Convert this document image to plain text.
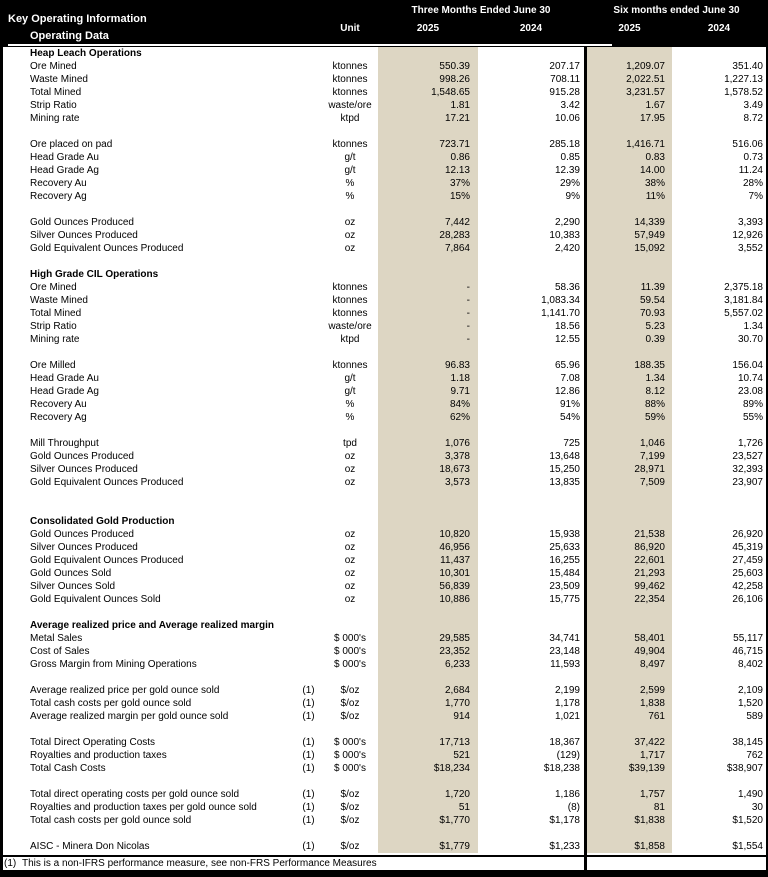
Key Operating Information
Operating Data
Unit
Three Months Ended June 30	Six months ended June 30
2025	2024	2025	2024
Heap Leach Operations
Ore Mined	ktonnes	550.39	207.17	1,209.07	351.40
Waste Mined	ktonnes	998.26	708.11	2,022.51	1,227.13
Total Mined	ktonnes	1,548.65	915.28	3,231.57	1,578.52
Strip Ratio	waste/ore	1.81	3.42	1.67	3.49
Mining rate	ktpd	17.21	10.06	17.95	8.72
Ore placed on pad	ktonnes	723.71	285.18	1,416.71	516.06
Head Grade Au	g/t	0.86	0.85	0.83	0.73
Head Grade Ag	g/t	12.13	12.39	14.00	11.24
Recovery Au	%	37%	29%	38%	28%
Recovery Ag	%	15%	9%	11%	7%
Gold Ounces Produced	oz	7,442	2,290	14,339	3,393
Silver Ounces Produced	oz	28,283	10,383	57,949	12,926
Gold Equivalent Ounces Produced	oz	7,864	2,420	15,092	3,552
High Grade CIL Operations
Ore Mined	ktonnes	-	58.36	11.39	2,375.18
Waste Mined	ktonnes	-	1,083.34	59.54	3,181.84
Total Mined	ktonnes	-	1,141.70	70.93	5,557.02
Strip Ratio	waste/ore	-	18.56	5.23	1.34
Mining rate	ktpd	-	12.55	0.39	30.70
Ore Milled	ktonnes	96.83	65.96	188.35	156.04
Head Grade Au	g/t	1.18	7.08	1.34	10.74
Head Grade Ag	g/t	9.71	12.86	8.12	23.08
Recovery Au	%	84%	91%	88%	89%
Recovery Ag	%	62%	54%	59%	55%
Mill Throughput	tpd	1,076	725	1,046	1,726
Gold Ounces Produced	oz	3,378	13,648	7,199	23,527
Silver Ounces Produced	oz	18,673	15,250	28,971	32,393
Gold Equivalent Ounces Produced	oz	3,573	13,835	7,509	23,907
Consolidated Gold Production
Gold Ounces Produced	oz	10,820	15,938	21,538	26,920
Silver Ounces Produced	oz	46,956	25,633	86,920	45,319
Gold Equivalent Ounces Produced	oz	11,437	16,255	22,601	27,459
Gold Ounces Sold	oz	10,301	15,484	21,293	25,603
Silver Ounces Sold	oz	56,839	23,509	99,462	42,258
Gold Equivalent Ounces Sold	oz	10,886	15,775	22,354	26,106
Average realized price and Average realized margin
Metal Sales	$ 000's	29,585	34,741	58,401	55,117
Cost of Sales	$ 000's	23,352	23,148	49,904	46,715
Gross Margin from Mining Operations	$ 000's	6,233	11,593	8,497	8,402
Average realized price per gold ounce sold	(1)	$/oz	2,684	2,199	2,599	2,109
Total cash costs per gold ounce sold	(1)	$/oz	1,770	1,178	1,838	1,520
Average realized margin per gold ounce sold	(1)	$/oz	914	1,021	761	589
Total Direct Operating Costs	(1)	$ 000's	17,713	18,367	37,422	38,145
Royalties and production taxes	(1)	$ 000's	521	(129)	1,717	762
Total Cash Costs	(1)	$ 000's	$18,234	$18,238	$39,139	$38,907
Total direct operating costs per gold ounce sold	(1)	$/oz	1,720	1,186	1,757	1,490
Royalties and production taxes per gold ounce sold	(1)	$/oz	51	(8)	81	30
Total cash costs per gold ounce sold	(1)	$/oz	$1,770	$1,178	$1,838	$1,520
AISC - Minera Don Nicolas	(1)	$/oz	$1,779	$1,233	$1,858	$1,554
(1) This is a non-IFRS performance measure, see non-FRS Performance Measures
